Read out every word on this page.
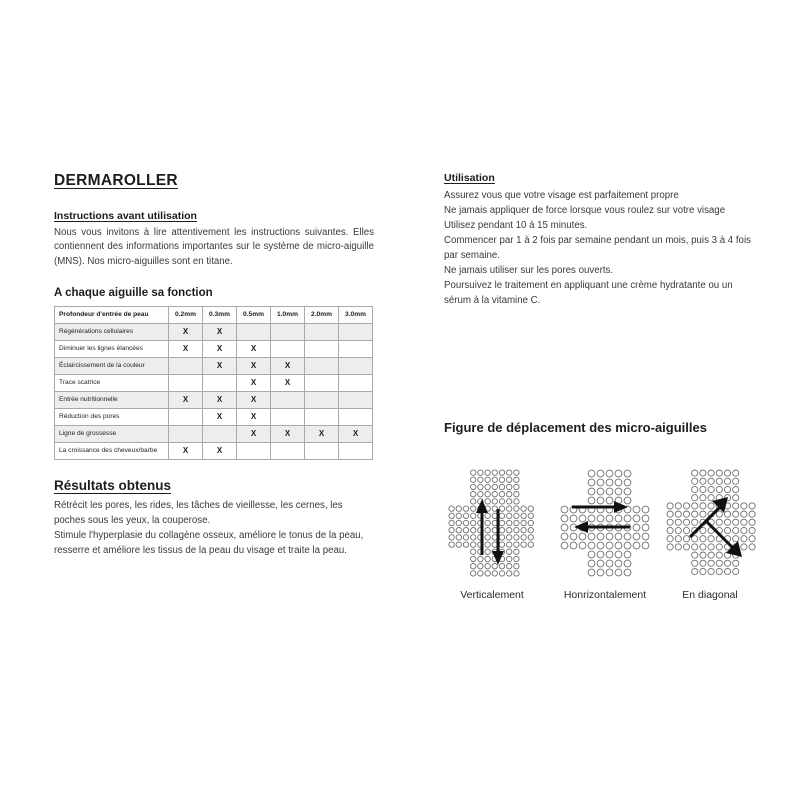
DERMAROLLER
Instructions avant utilisation

Nous vous invitons à lire attentivement les instructions suivantes. Elles contiennent des informations importantes sur le système de micro-aiguille (MNS). Nos micro-aiguilles sont en titane.

A chaque aiguille sa fonction
Profondeur d'entrée de peau	0.2mm	0.3mm	0.5mm	1.0mm	2.0mm	3.0mm
Régénérations cellulaires	X	X				
Diminuer les lignes élancées	X	X	X			
Éclaircissement de la couleur		X	X	X		
Trace scatrice			X	X		
Entrée nutritionnelle	X	X	X			
Réduction des pores		X	X			
Ligne de grossesse			X	X	X	X
La croissance des cheveux/barbe	X	X				
Résultats obtenus

Rétrécit les pores, les rides, les tâches de vieillesse, les cernes, les poches sous les yeux, la couperose.
Stimule l'hyperplasie du collagène osseux, améliore le tonus de la peau, resserre et améliore les tissus de la peau du visage et traite la peau.

Utilisation

Assurez vous que votre visage est parfaitement propre

Ne jamais appliquer de force lorsque vous roulez sur votre visage

Utilisez pendant 10 à 15 minutes.

Commencer par 1 à 2 fois par semaine pendant un mois, puis 3 à 4 fois par semaine.

Ne jamais utiliser sur les pores ouverts.

Poursuivez le traitement en appliquant une crème hydratante ou un sérum à la vitamine C.

Figure de déplacement des micro-aiguilles
Verticalement	Honrizontalement	En diagonal
